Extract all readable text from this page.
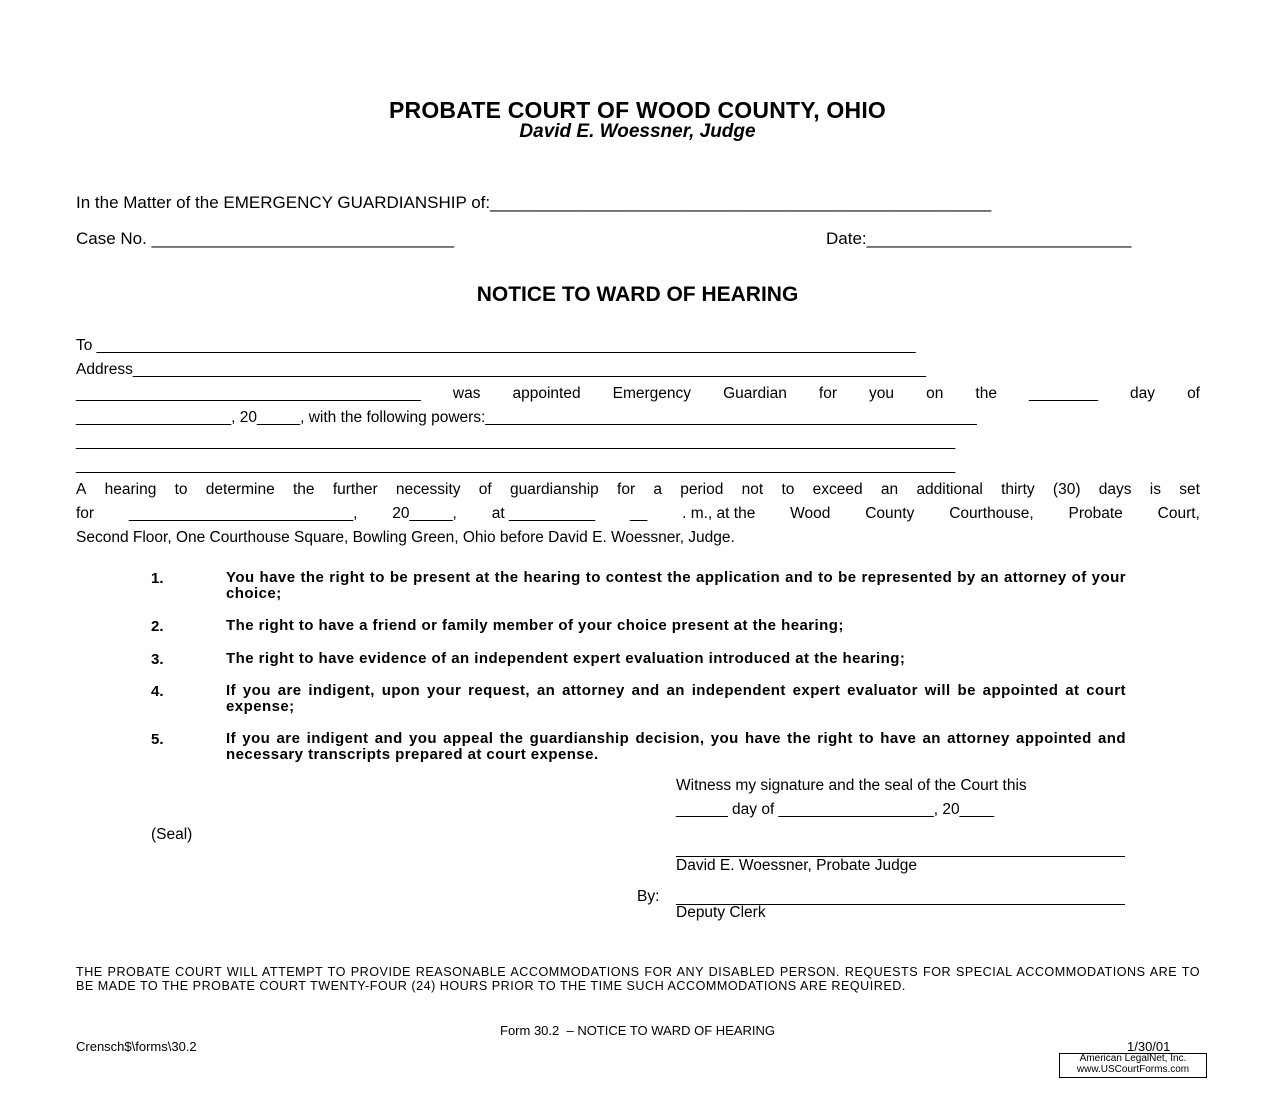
PROBATE COURT OF WOOD COUNTY, OHIO
David E. Woessner, Judge
In the Matter of the EMERGENCY GUARDIANSHIP of:_____________________________________________________
Case No. ________________________________	Date:____________________________
NOTICE TO WARD OF HEARING
To _______________________________________________________________________________________________
Address____________________________________________________________________________________________
________________________________________ was appointed Emergency Guardian for you on the ________ day of
__________________, 20_____, with the following powers:_________________________________________________________
______________________________________________________________________________________________________
______________________________________________________________________________________________________
A hearing to determine the further necessity of guardianship for a period not to exceed an additional thirty (30) days is set
for __________________________, 20_____, at __________ __ . m., at the Wood County Courthouse, Probate Court,
Second Floor, One Courthouse Square, Bowling Green, Ohio before David E. Woessner, Judge.
1.	You have the right to be present at the hearing to contest the application and to be represented by an attorney of your choice;
2.	The right to have a friend or family member of your choice present at the hearing;
3.	The right to have evidence of an independent expert evaluation introduced at the hearing;
4.	If you are indigent, upon your request, an attorney and an independent expert evaluator will be appointed at court expense;
5.	If you are indigent and you appeal the guardianship decision, you have the right to have an attorney appointed and necessary transcripts prepared at court expense.
Witness my signature and the seal of the Court this
______ day of __________________, 20____
(Seal)
David E. Woessner, Probate Judge
By:
Deputy Clerk
THE PROBATE COURT WILL ATTEMPT TO PROVIDE REASONABLE ACCOMMODATIONS FOR ANY DISABLED PERSON. REQUESTS FOR SPECIAL ACCOMMODATIONS ARE TO BE MADE TO THE PROBATE COURT TWENTY-FOUR (24) HOURS PRIOR TO THE TIME SUCH ACCOMMODATIONS ARE REQUIRED.
Form 30.2  – NOTICE TO WARD OF HEARING
Crensch$\forms\30.2	1/30/01
American LegalNet, Inc.
www.USCourtForms.com
